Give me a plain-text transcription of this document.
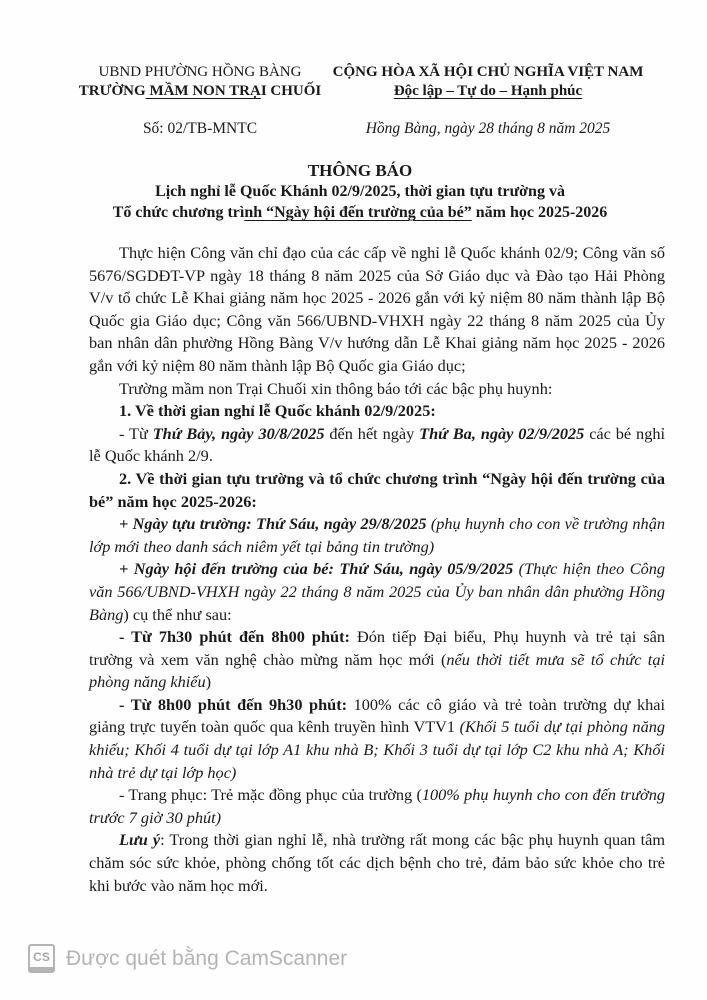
UBND PHƯỜNG HỒNG BÀNG
TRƯỜNG MẦM NON TRẠI CHUỐI
CỘNG HÒA XÃ HỘI CHỦ NGHĨA VIỆT NAM
Độc lập – Tự do – Hạnh phúc
Số: 02/TB-MNTC	Hồng Bàng, ngày 28 tháng 8 năm 2025
THÔNG BÁO
Lịch nghỉ lễ Quốc Khánh 02/9/2025, thời gian tựu trường và
Tổ chức chương trình “Ngày hội đến trường của bé” năm học 2025-2026

Thực hiện Công văn chỉ đạo của các cấp về nghỉ lễ Quốc khánh 02/9; Công văn số 5676/SGDĐT-VP ngày 18 tháng 8 năm 2025 của Sở Giáo dục và Đào tạo Hải Phòng V/v tổ chức Lễ Khai giảng năm học 2025 - 2026 gắn với kỷ niệm 80 năm thành lập Bộ Quốc gia Giáo dục; Công văn 566/UBND-VHXH ngày 22 tháng 8 năm 2025 của Ủy ban nhân dân phường Hồng Bàng V/v hướng dẫn Lễ Khai giảng năm học 2025 - 2026 gắn với kỷ niệm 80 năm thành lập Bộ Quốc gia Giáo dục;

Trường mầm non Trại Chuối xin thông báo tới các bậc phụ huynh:

1. Về thời gian nghỉ lễ Quốc khánh 02/9/2025:

- Từ Thứ Bảy, ngày 30/8/2025 đến hết ngày Thứ Ba, ngày 02/9/2025 các bé nghỉ lễ Quốc khánh 2/9.

2. Về thời gian tựu trường và tổ chức chương trình “Ngày hội đến trường của bé” năm học 2025-2026:

+ Ngày tựu trường: Thứ Sáu, ngày 29/8/2025 (phụ huynh cho con về trường nhận lớp mới theo danh sách niêm yết tại bảng tin trường)

+ Ngày hội đến trường của bé: Thứ Sáu, ngày 05/9/2025 (Thực hiện theo Công văn 566/UBND-VHXH ngày 22 tháng 8 năm 2025 của Ủy ban nhân dân phường Hồng Bàng) cụ thể như sau:

- Từ 7h30 phút đến 8h00 phút: Đón tiếp Đại biểu, Phụ huynh và trẻ tại sân trường và xem văn nghệ chào mừng năm học mới (nếu thời tiết mưa sẽ tổ chức tại phòng năng khiếu)

- Từ 8h00 phút đến 9h30 phút: 100% các cô giáo và trẻ toàn trường dự khai giảng trực tuyến toàn quốc qua kênh truyền hình VTV1 (Khối 5 tuổi dự tại phòng năng khiếu; Khối 4 tuổi dự tại lớp A1 khu nhà B; Khối 3 tuổi dự tại lớp C2 khu nhà A; Khối nhà trẻ dự tại lớp học)

- Trang phục: Trẻ mặc đồng phục của trường (100% phụ huynh cho con đến trường trước 7 giờ 30 phút)

Lưu ý: Trong thời gian nghỉ lễ, nhà trường rất mong các bậc phụ huynh quan tâm chăm sóc sức khỏe, phòng chống tốt các dịch bệnh cho trẻ, đảm bảo sức khỏe cho trẻ khi bước vào năm học mới.

CS Được quét bằng CamScanner
